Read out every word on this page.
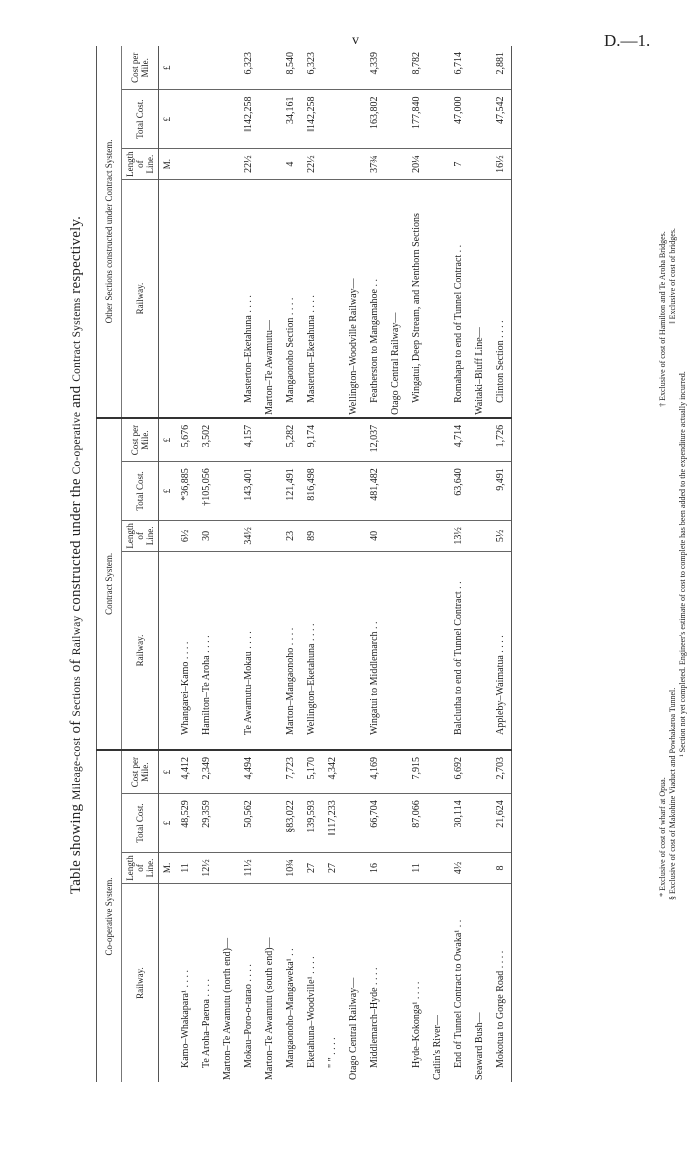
v	D.—1.
Table showing Mileage-cost of Sections of Railway constructed under the Co-operative and Contract Systems respectively.
Co-operative System.				Contract System.				Other Sections constructed under Contract System.			
Railway.	Length of Line.	Total Cost.	Cost per Mile.	Railway.	Length of Line.	Total Cost.	Cost per Mile.	Railway.	Length of Line.	Total Cost.	Cost per Mile.
	M.	£	£			£	£		M.	£	£
Kamo–Whakapara¹ . . . .	11	48,529	4,412	Whangarei–Kamo . . . .	6½	*36,885	5,676				
Te Aroha–Paeroa . . . .	12½	29,359	2,349	Hamilton–Te Aroha . . . .	30	†105,056	3,502				
Marton–Te Awamutu (north end)—											
Mokau–Poro-o-tarao . . . .	11½	50,562	4,494	Te Awamutu–Mokau . . . .	34½	143,401	4,157	Masterton–Eketahuna . . . .	22½	‖142,258	6,323
Marton–Te Awamutu (south end)—								Marton–Te Awamutu—			
Mangaonoho–Mangaweka¹ . .	10¾	§83,022	7,723	Marton–Mangaonoho . . . .	23	121,491	5,282	Mangaonoho Section . . . .	4	34,161	8,540
Eketahuna–Woodville¹ . . . .	27	139,593	5,170	Wellington–Eketahuna . . . .	89	816,498	9,174	Masterton–Eketahuna . . . .	22½	‖142,258	6,323
" " . . . .	27	‖117,233	4,342								
Otago Central Railway—								Wellington–Woodville Railway—			
Middlemarch–Hyde . . . .	16	66,704	4,169	Wingatui to Middlemarch . .	40	481,482	12,037	Featherston to Mangamahoe . .	37¾	163,802	4,339
								Otago Central Railway—			
Hyde–Kokonga¹ . . . .	11	87,066	7,915					Wingatui, Deep Stream, and Nenthorn Sections	20¼	177,840	8,782
Catlin's River—											
End of Tunnel Contract to Owaka¹ . .	4½	30,114	6,692	Balclutha to end of Tunnel Contract . .	13½	63,640	4,714	Romahapa to end of Tunnel Contract . .	7	47,000	6,714
Seaward Bush—								Waitaki–Bluff Line—			
Mokotua to Gorge Road . . . .	8	21,624	2,703	Appleby–Waimatua . . . .	5½	9,491	1,726	Clinton Section . . . .	16½	47,542	2,881
* Exclusive of cost of wharf at Opua.
† Exclusive of cost of Hamilton and Te Aroha Bridges.
§ Exclusive of cost of Makohine Viaduct and Powhakaroa Tunnel.
‖ Exclusive of cost of bridges.
¹ Section not yet completed. Engineer's estimate of cost to complete has been added to the expenditure actually incurred.
